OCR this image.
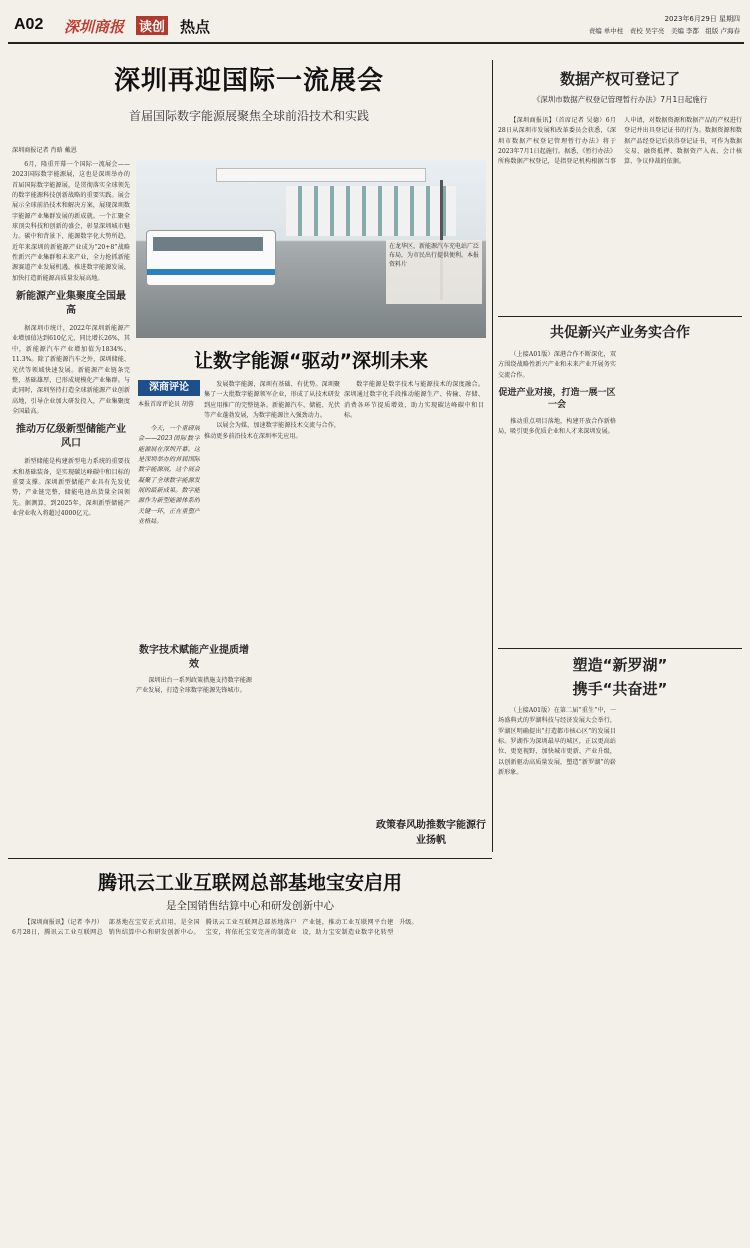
A02 深圳商报 读创 热点	2023年6月29日 星期四
责编 单中柱　责校 吴宇亮　美编 李都　组版 卢海春
深圳再迎国际一流展会
首届国际数字能源展聚焦全球前沿技术和实践
深圳商报记者 肖晗 戴恩

6月，隆重开幕一个国际一流展会——2023国际数字能源展，这也是深圳举办的首届国际数字能源展，是贯彻落实全球领先的数字能源科技创新战略的重要实践。展会展示全球前沿技术和解决方案，展现深圳数字能源产业集群发展的新成就。一个汇聚全球顶尖科技和创新的盛会，彰显深圳城市魅力。碳中和背景下，能源数字化大势所趋，近年来深圳的新能源产业成为“20+8”战略性新兴产业集群和未来产业，全力抢抓新能源赛道产业发展机遇，推进数字能源发展，加快打造新能源高质量发展高地。

新能源产业集聚度全国最高

据深圳市统计，2022年深圳新能源产业增加值达到610亿元，同比增长26%，其中，新能源汽车产业增加值为1834%、11.3%。除了新能源汽车之外，深圳储能、光伏等领域快速发展。新能源产业链条完整，基础雄厚，已形成规模化产业集群。与此同时，深圳坚持打造全球新能源产业创新高地，引导企业加大研发投入，产业集聚度全国最高。

推动万亿级新型储能产业风口

新型储能是构建新型电力系统的重要技术和基础装备，是实现碳达峰碳中和目标的重要支撑。深圳新型储能产业具有先发优势，产业链完整，储能电池出货量全国领先。据测算，到2025年，深圳新型储能产业营业收入将超过4000亿元。

在龙华区，新能源汽车充电站广泛布局，为市民出行提供便利。本报资料片
让数字能源“驱动”深圳未来
深商评论
本报首席评论员 胡蓉

今天，一个重磅展会——2023国际数字能源展在深圳开幕。这是深圳举办的首届国际数字能源展，这个展会凝聚了全球数字能源发展的最新成果。数字能源作为新型能源体系的关键一环，正在重塑产业格局。

发展数字能源，深圳有基础、有优势。深圳聚集了一大批数字能源领军企业，形成了从技术研发到应用推广的完整链条。新能源汽车、储能、光伏等产业蓬勃发展，为数字能源注入强劲动力。

以展会为媒，加速数字能源技术交流与合作，推动更多前沿技术在深圳率先应用。

数字能源是数字技术与能源技术的深度融合。深圳通过数字化手段推动能源生产、传输、存储、消费各环节提质增效，助力实现碳达峰碳中和目标。

数字技术赋能产业提质增效

深圳出台一系列政策措施支持数字能源产业发展，打造全球数字能源先锋城市。

政策春风助推数字能源行业扬帆
数据产权可登记了
《深圳市数据产权登记管理暂行办法》7月1日起施行

【深圳商报讯】（首席记者 吴德）6月28日从深圳市发展和改革委员会获悉，《深圳市数据产权登记管理暂行办法》将于2023年7月1日起施行。据悉，《暂行办法》所称数据产权登记，是指登记机构根据当事人申请，对数据资源和数据产品的产权进行登记并出具登记证书的行为。数据资源和数据产品经登记后获得登记证书，可作为数据交易、融资抵押、数据资产入表、会计核算、争议仲裁的依据。

共促新兴产业务实合作

（上接A01版）深港合作不断深化，双方围绕战略性新兴产业和未来产业开展务实交流合作。

促进产业对接，打造一展一区一会

推动重点项目落地，构建开放合作新格局，吸引更多优质企业和人才来深圳发展。

塑造“新罗湖”
携手“共奋进”

（上接A01版）在第二届“重生”中，一场盛典式的罗湖科技与经济发展大会举行，罗湖区明确提出“打造都市核心区”的发展目标。罗湖作为深圳最早的城区，正以更高站位、更宽视野，加快城市更新、产业升级，以创新驱动高质量发展，塑造“新罗湖”的崭新形象。

腾讯云工业互联网总部基地宝安启用
是全国销售结算中心和研发创新中心

【深圳商报讯】（记者 李丹）6月28日，腾讯云工业互联网总部基地在宝安正式启用，是全国销售结算中心和研发创新中心。腾讯云工业互联网总部基地落户宝安，将依托宝安完善的制造业产业链，推动工业互联网平台建设，助力宝安制造业数字化转型升级。
